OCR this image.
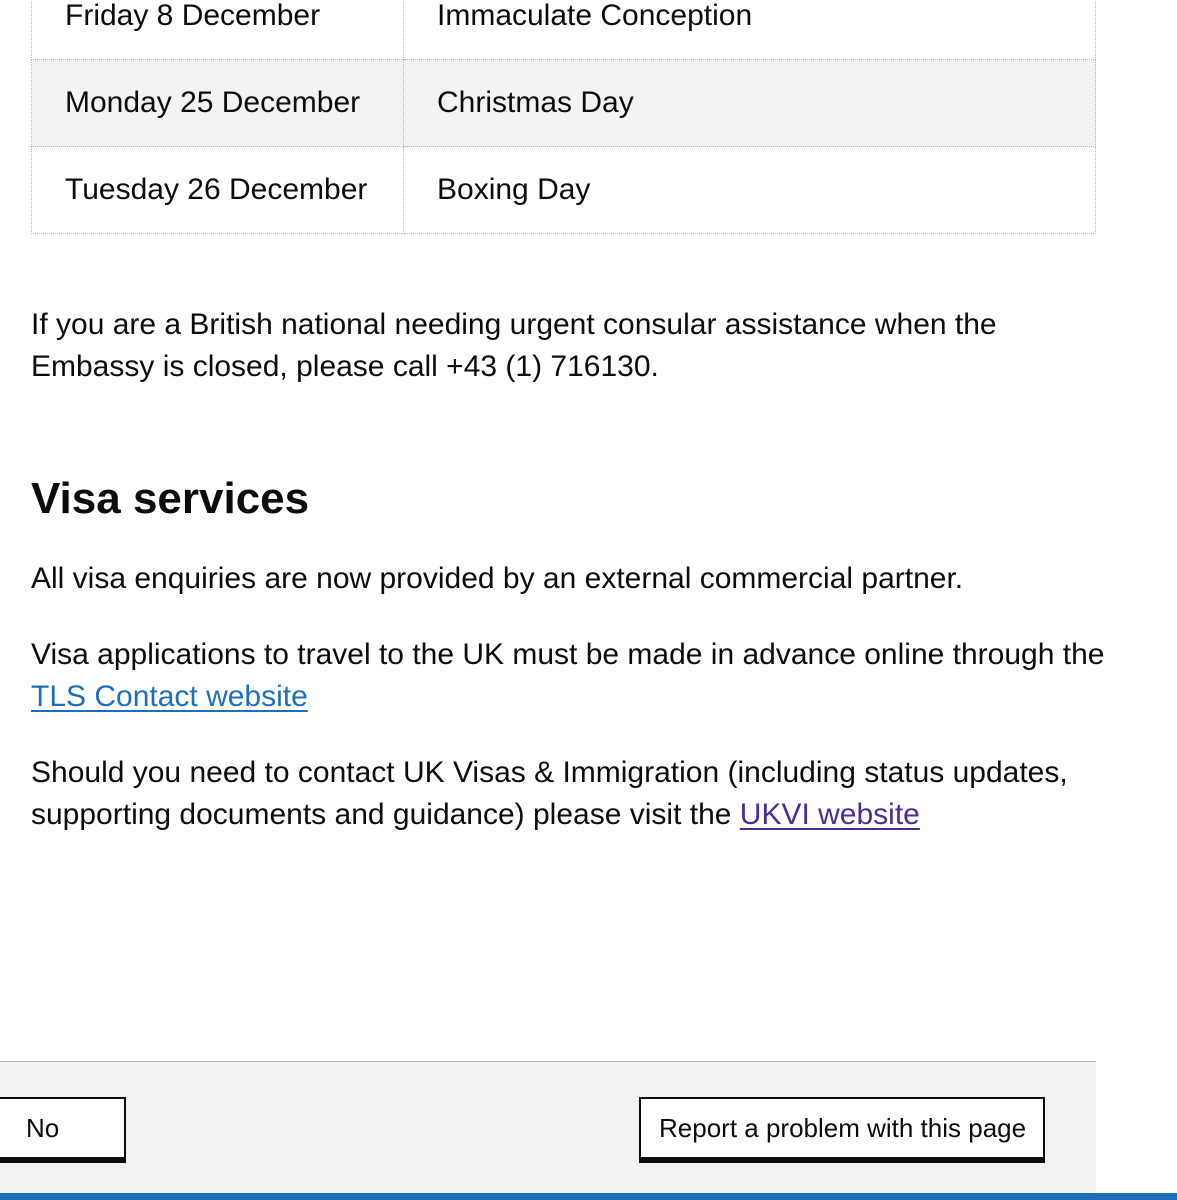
Friday 8 December	Immaculate Conception
Monday 25 December	Christmas Day
Tuesday 26 December	Boxing Day

If you are a British national needing urgent consular assistance when the Embassy is closed, please call +43 (1) 716130.

Visa services

All visa enquiries are now provided by an external commercial partner.

Visa applications to travel to the UK must be made in advance online through the TLS Contact website

Should you need to contact UK Visas & Immigration (including status updates, supporting documents and guidance) please visit the UKVI website

No	Report a problem with this page
